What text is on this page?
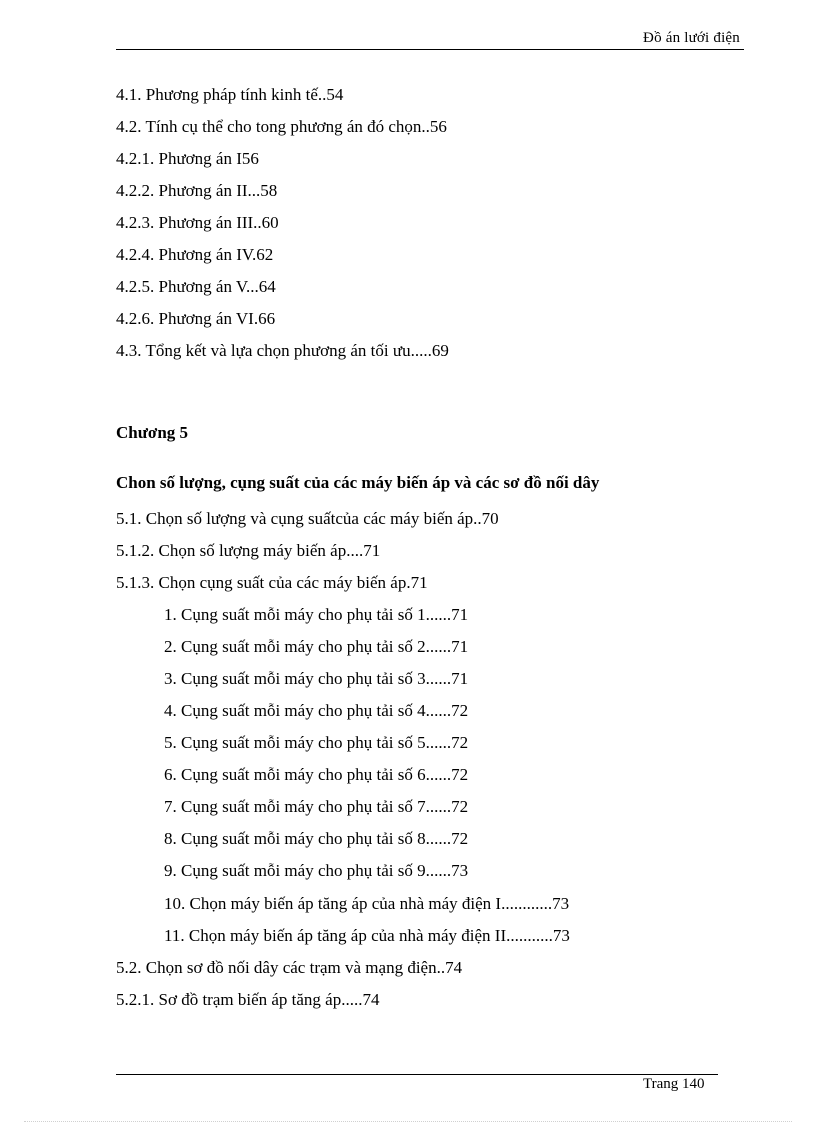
Đồ án lưới điện
4.1. Phương pháp tính kinh tế..54
4.2. Tính cụ thể cho tong phương án đó chọn..56
4.2.1. Phương án I56
4.2.2. Phương án II...58
4.2.3. Phương án III..60
4.2.4. Phương án IV.62
4.2.5. Phương án V...64
4.2.6. Phương án VI.66
4.3. Tổng kết và lựa chọn phương án tối ưu.....69
Chương 5
Chon số lượng, cụng suất của các máy biến áp và các sơ đồ nối dây
5.1. Chọn số lượng và cụng suấtcủa các máy biến áp..70
5.1.2. Chọn số lượng máy biến áp....71
5.1.3. Chọn cụng suất của các máy biến áp.71
1. Cụng suất mỗi máy cho phụ tải số 1......71
2. Cụng suất mỗi máy cho phụ tải số 2......71
3. Cụng suất mỗi máy cho phụ tải số 3......71
4. Cụng suất mỗi máy cho phụ tải số 4......72
5. Cụng suất mỗi máy cho phụ tải số 5......72
6. Cụng suất mỗi máy cho phụ tải số 6......72
7. Cụng suất mỗi máy cho phụ tải số 7......72
8. Cụng suất mỗi máy cho phụ tải số 8......72
9. Cụng suất mỗi máy cho phụ tải số 9......73
10. Chọn máy biến áp tăng áp của nhà máy điện I............73
11. Chọn máy biến áp tăng áp của nhà máy điện II...........73
5.2. Chọn sơ đồ nối dây các trạm và mạng điện..74
5.2.1. Sơ đồ trạm biến áp tăng áp.....74
Trang 140
